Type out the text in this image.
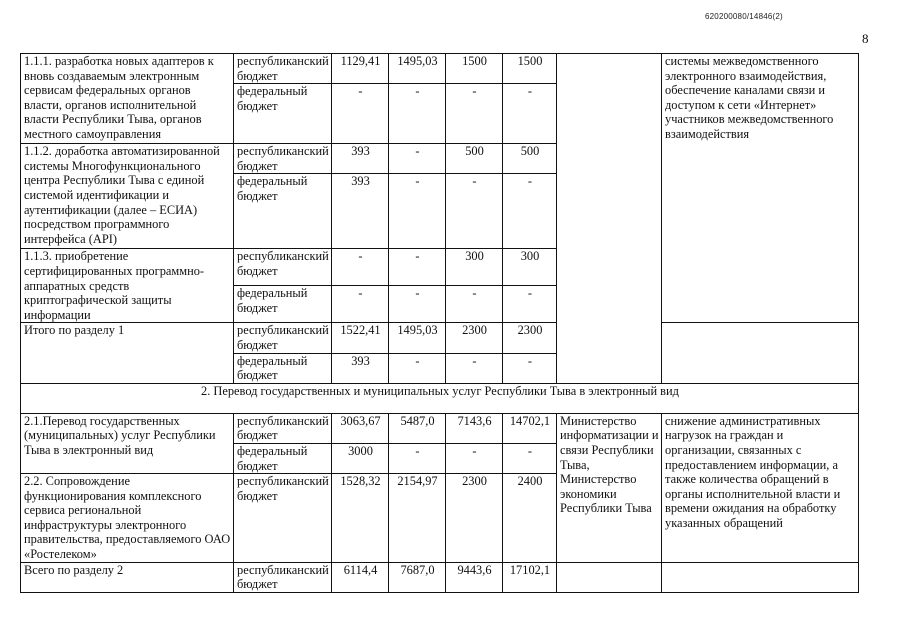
620200080/14846(2)
8
1.1.1. разработка новых адаптеров к вновь создаваемым электронным сервисам федеральных органов власти, органов исполнительной власти Республики Тыва, органов местного самоуправления	республиканский бюджет	1129,41	1495,03	1500	1500		системы межведомственного электронного взаимодействия, обеспечение каналами связи и доступом к сети «Интернет» участников межведомственного взаимодействия
	федеральный бюджет	-	-	-	-		
1.1.2. доработка автоматизированной системы Многофункционального центра Республики Тыва с единой системой идентификации и аутентификации (далее – ЕСИА) посредством программного интерфейса (API)	республиканский бюджет	393	-	500	500		
	федеральный бюджет	393	-	-	-		
1.1.3. приобретение сертифицированных программно-аппаратных средств криптографической защиты информации	республиканский бюджет	-	-	300	300		
	федеральный бюджет	-	-	-	-		
Итого по разделу 1	республиканский бюджет	1522,41	1495,03	2300	2300		
	федеральный бюджет	393	-	-	-		
2. Перевод государственных и муниципальных услуг Республики Тыва в электронный вид							
2.1.Перевод государственных (муниципальных) услуг Республики Тыва в электронный вид	республиканский бюджет	3063,67	5487,0	7143,6	14702,1	Министерство информатизации и связи Республики Тыва, Министерство экономики Республики Тыва	снижение административных нагрузок на граждан и организации, связанных с предоставлением информации, а также количества обращений в органы исполнительной власти и времени ожидания на обработку указанных обращений
	федеральный бюджет	3000	-	-	-		
2.2. Сопровождение функционирования комплексного сервиса региональной инфраструктуры электронного правительства, предоставляемого ОАО «Ростелеком»	республиканский бюджет	1528,32	2154,97	2300	2400		
Всего по разделу 2	республиканский бюджет	6114,4	7687,0	9443,6	17102,1		
